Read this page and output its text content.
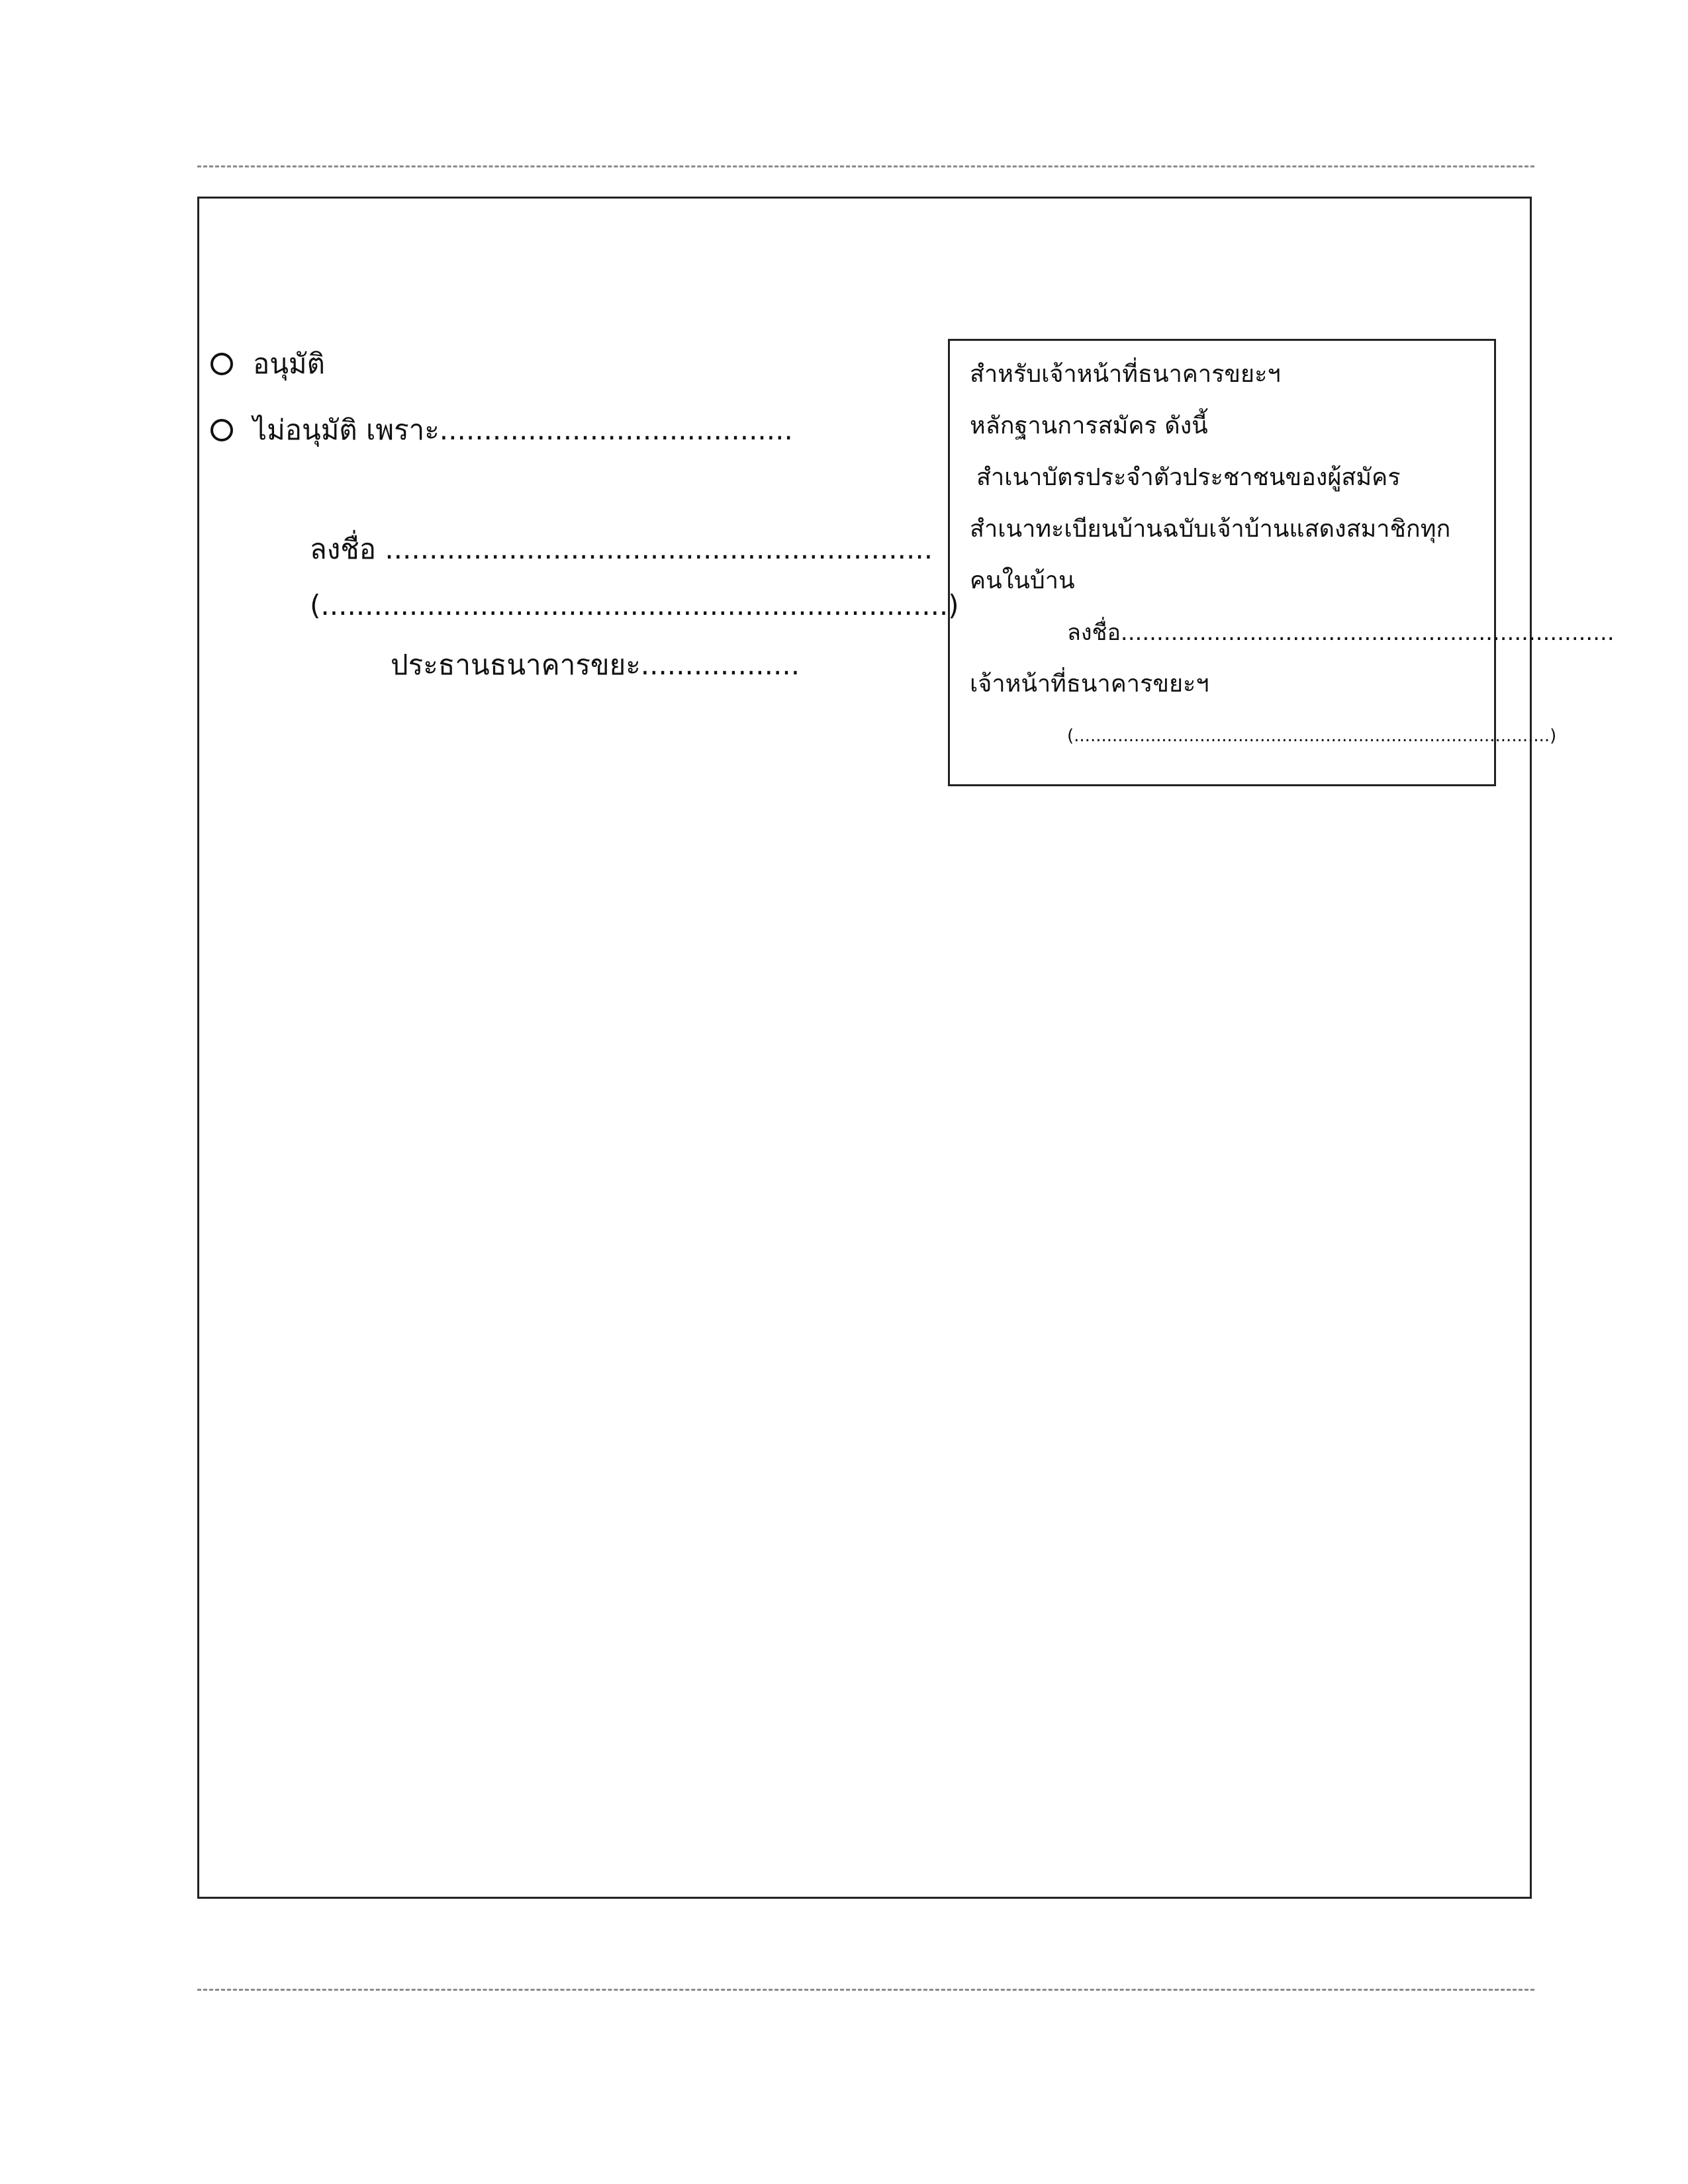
อนุมัติ
ไม่อนุมัติ เพราะ........................................
ลงชื่อ ..............................................................
(.......................................................................)
ประธานธนาคารขยะ..................
สำหรับเจ้าหน้าที่ธนาคารขยะฯ
หลักฐานการสมัคร ดังนี้
สำเนาบัตรประจำตัวประชาชนของผู้สมัคร
สำเนาทะเบียนบ้านฉบับเจ้าบ้านแสดงสมาชิกทุก
คนในบ้าน
ลงชื่อ.....................................................................
เจ้าหน้าที่ธนาคารขยะฯ
(.......................................................................................)
